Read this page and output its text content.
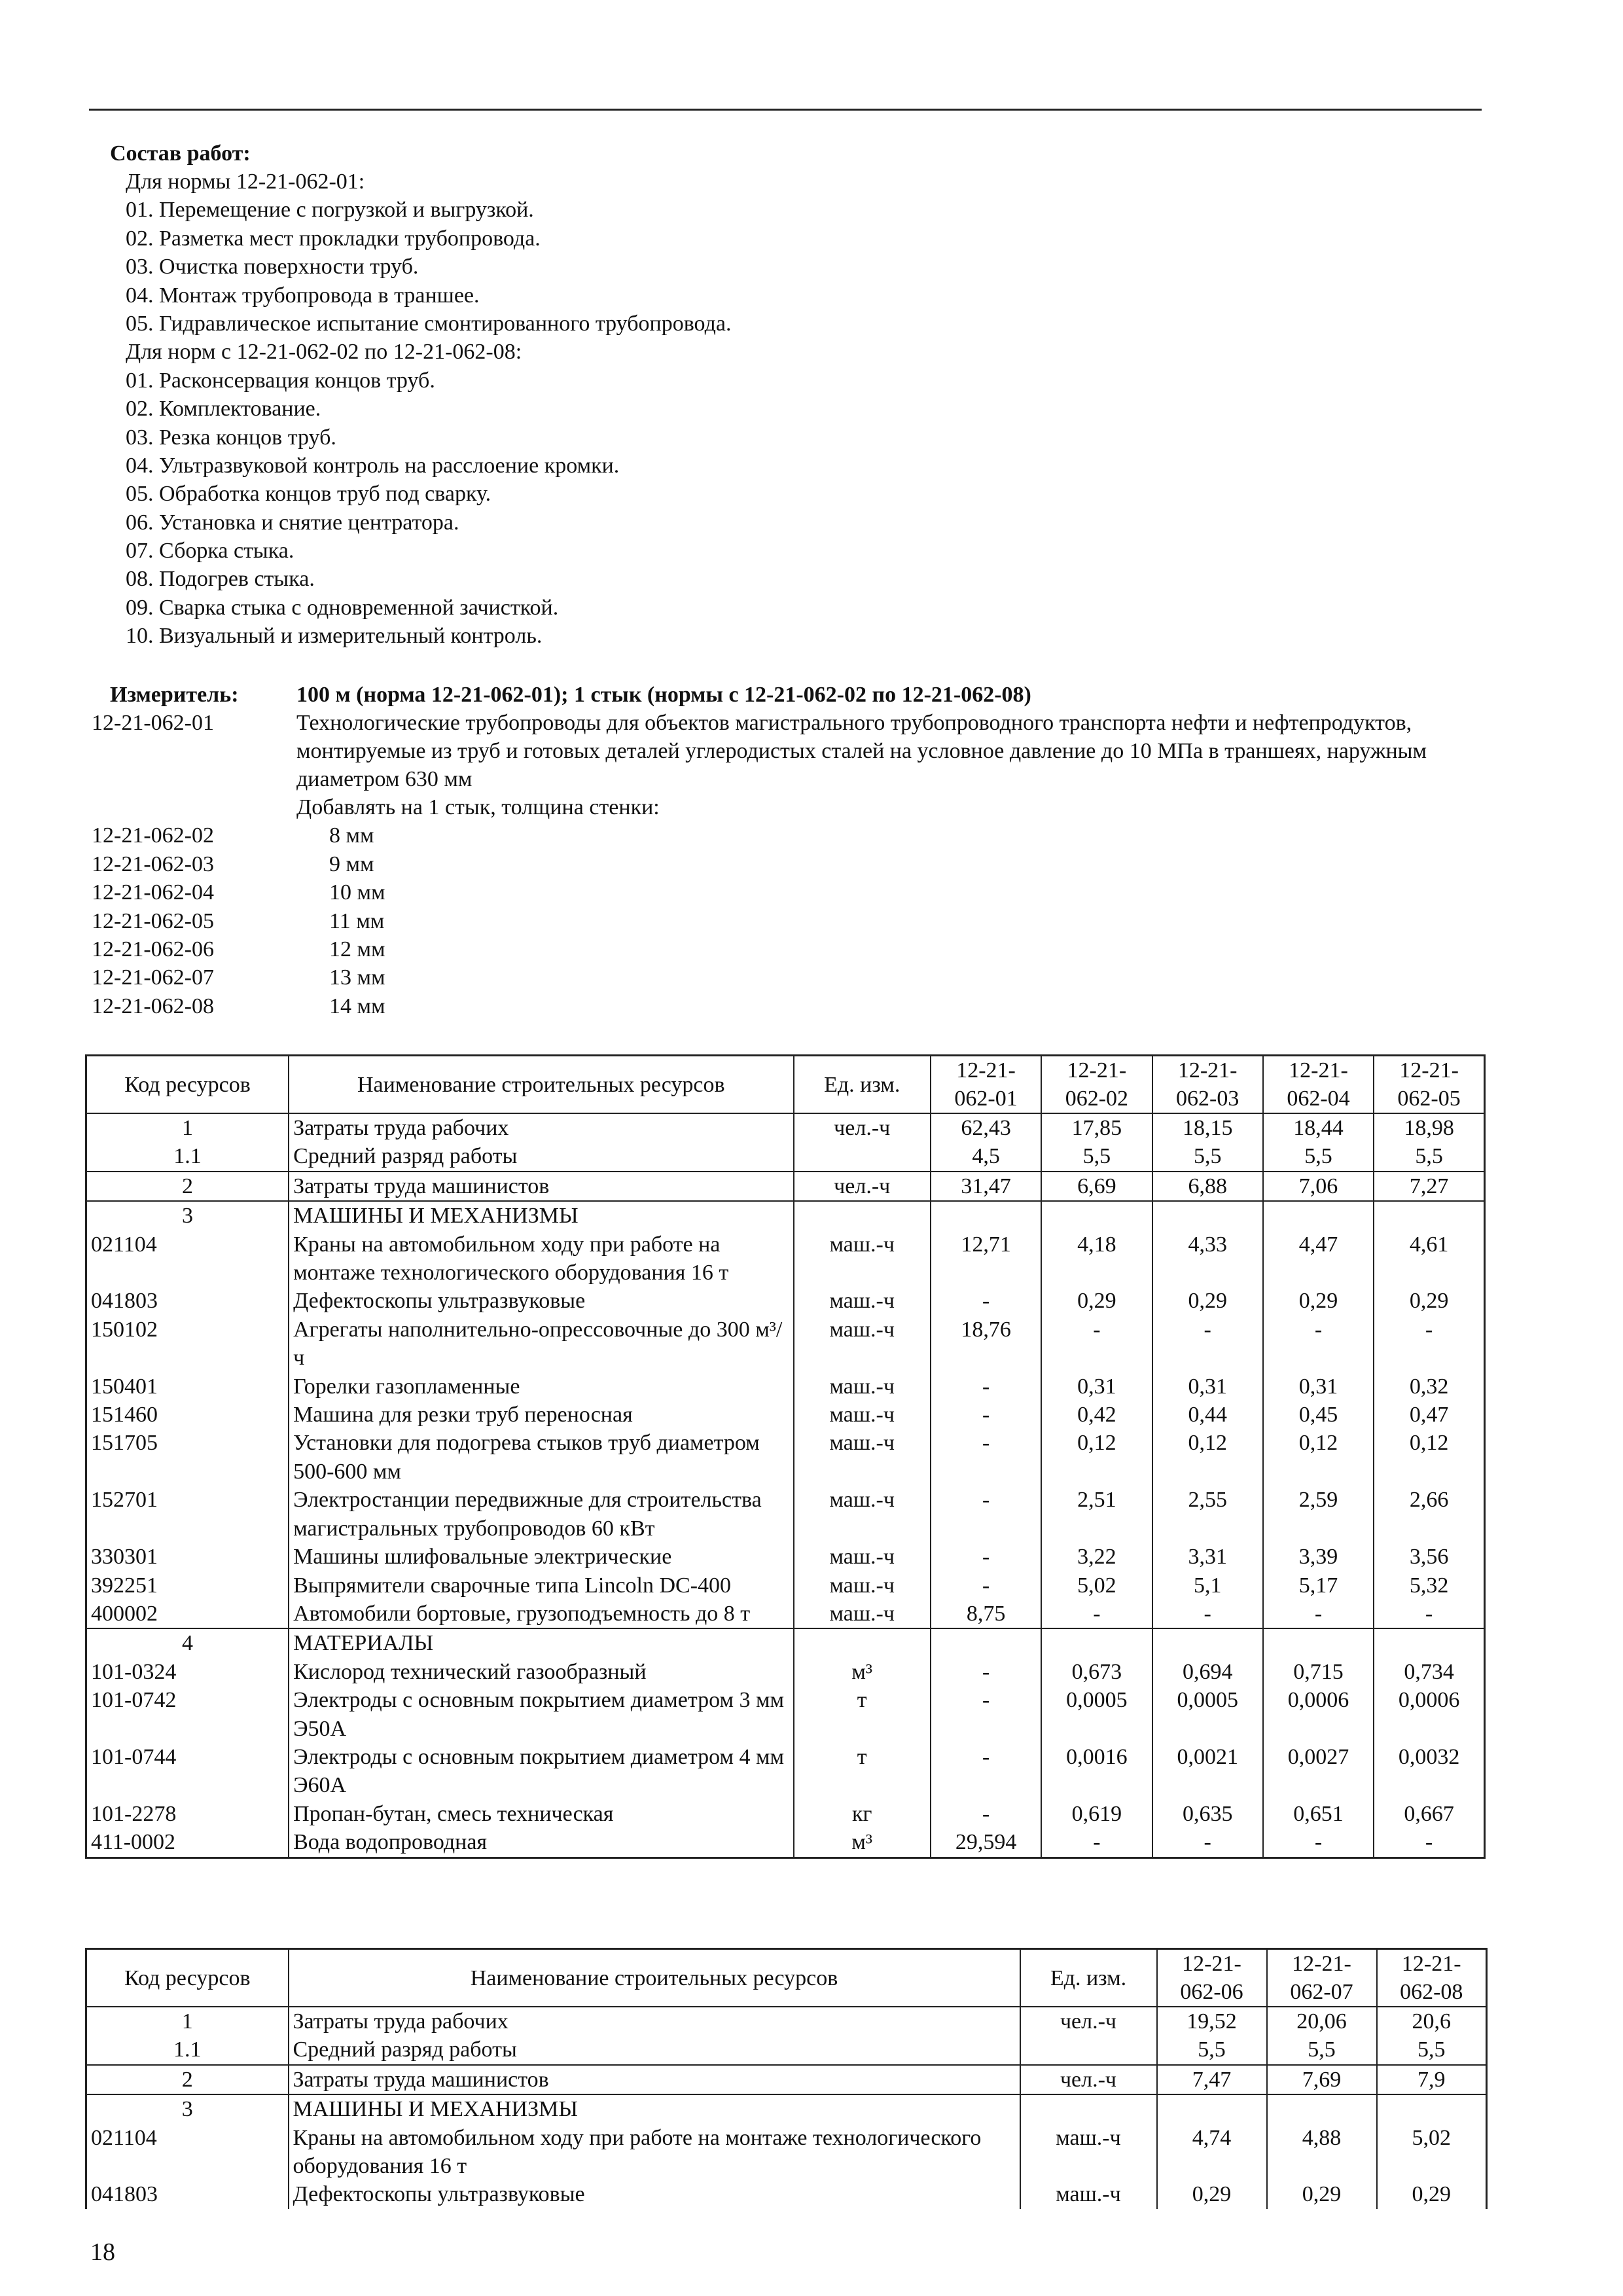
Состав работ:
Для нормы 12-21-062-01:
01. Перемещение с погрузкой и выгрузкой.
02. Разметка мест прокладки трубопровода.
03. Очистка поверхности труб.
04. Монтаж трубопровода в траншее.
05. Гидравлическое испытание смонтированного трубопровода.
Для норм с 12-21-062-02 по 12-21-062-08:
01. Расконсервация концов труб.
02. Комплектование.
03. Резка концов труб.
04. Ультразвуковой контроль на расслоение кромки.
05. Обработка концов труб под сварку.
06. Установка и снятие центратора.
07. Сборка стыка.
08. Подогрев стыка.
09. Сварка стыка с одновременной зачисткой.
10. Визуальный и измерительный контроль.
Измеритель:	100 м (норма 12-21-062-01); 1 стык (нормы с 12-21-062-02 по 12-21-062-08)
12-21-062-01	Технологические трубопроводы для объектов магистрального трубопроводного транспорта нефти и нефтепродуктов, монтируемые из труб и готовых деталей углеродистых сталей на условное давление до 10 МПа в траншеях, наружным диаметром 630 мм
Добавлять на 1 стык, толщина стенки:
12-21-062-02	8 мм
12-21-062-03	9 мм
12-21-062-04	10 мм
12-21-062-05	11 мм
12-21-062-06	12 мм
12-21-062-07	13 мм
12-21-062-08	14 мм
Код ресурсов	Наименование строительных ресурсов	Ед. изм.	12-21-062-01	12-21-062-02	12-21-062-03	12-21-062-04	12-21-062-05
1	Затраты труда рабочих	чел.-ч	62,43	17,85	18,15	18,44	18,98
1.1	Средний разряд работы		4,5	5,5	5,5	5,5	5,5
2	Затраты труда машинистов	чел.-ч	31,47	6,69	6,88	7,06	7,27
3	МАШИНЫ И МЕХАНИЗМЫ						
021104	Краны на автомобильном ходу при работе на монтаже технологического оборудования 16 т	маш.-ч	12,71	4,18	4,33	4,47	4,61
041803	Дефектоскопы ультразвуковые	маш.-ч	-	0,29	0,29	0,29	0,29
150102	Агрегаты наполнительно-опрессовочные до 300 м³/ч	маш.-ч	18,76	-	-	-	-
150401	Горелки газопламенные	маш.-ч	-	0,31	0,31	0,31	0,32
151460	Машина для резки труб переносная	маш.-ч	-	0,42	0,44	0,45	0,47
151705	Установки для подогрева стыков труб диаметром 500-600 мм	маш.-ч	-	0,12	0,12	0,12	0,12
152701	Электростанции передвижные для строительства магистральных трубопроводов 60 кВт	маш.-ч	-	2,51	2,55	2,59	2,66
330301	Машины шлифовальные электрические	маш.-ч	-	3,22	3,31	3,39	3,56
392251	Выпрямители сварочные типа Lincoln DC-400	маш.-ч	-	5,02	5,1	5,17	5,32
400002	Автомобили бортовые, грузоподъемность до 8 т	маш.-ч	8,75	-	-	-	-
4	МАТЕРИАЛЫ						
101-0324	Кислород технический газообразный	м³	-	0,673	0,694	0,715	0,734
101-0742	Электроды с основным покрытием диаметром 3 мм Э50А	т	-	0,0005	0,0005	0,0006	0,0006
101-0744	Электроды с основным покрытием диаметром 4 мм Э60А	т	-	0,0016	0,0021	0,0027	0,0032
101-2278	Пропан-бутан, смесь техническая	кг	-	0,619	0,635	0,651	0,667
411-0002	Вода водопроводная	м³	29,594	-	-	-	-
Код ресурсов	Наименование строительных ресурсов	Ед. изм.	12-21-062-06	12-21-062-07	12-21-062-08
1	Затраты труда рабочих	чел.-ч	19,52	20,06	20,6
1.1	Средний разряд работы		5,5	5,5	5,5
2	Затраты труда машинистов	чел.-ч	7,47	7,69	7,9
3	МАШИНЫ И МЕХАНИЗМЫ				
021104	Краны на автомобильном ходу при работе на монтаже технологического оборудования 16 т	маш.-ч	4,74	4,88	5,02
041803	Дефектоскопы ультразвуковые	маш.-ч	0,29	0,29	0,29
18
